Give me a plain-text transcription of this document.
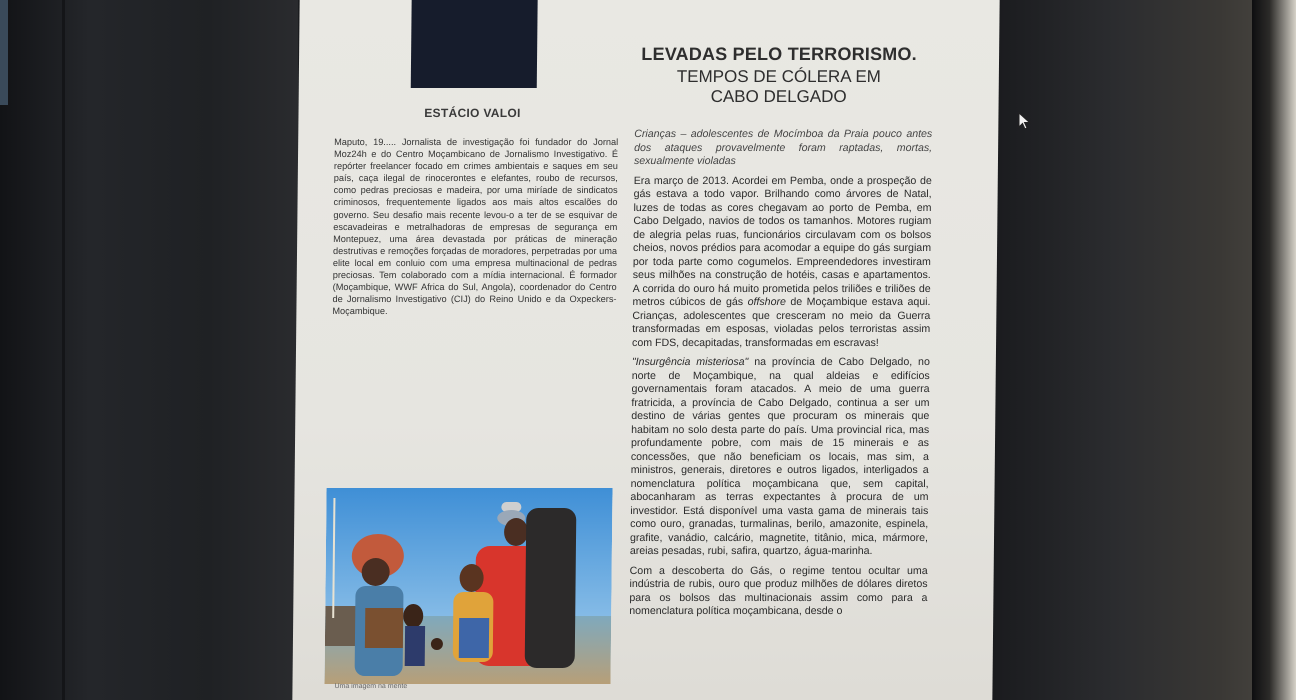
ESTÁCIO VALOI
LEVADAS PELO TERRORISMO.
TEMPOS DE CÓLERA EM
CABO DELGADO
Maputo, 19..... Jornalista de investigação foi fundador do Jornal Moz24h e do Centro Moçambicano de Jornalismo Investigativo. É repórter freelancer focado em crimes ambientais e saques em seu país, caça ilegal de rinocerontes e elefantes, roubo de recursos, como pedras preciosas e madeira, por uma miríade de sindicatos criminosos, frequentemente ligados aos mais altos escalões do governo. Seu desafio mais recente levou-o a ter de se esquivar de escavadeiras e metralhadoras de empresas de segurança em Montepuez, uma área devastada por práticas de mineração destrutivas e remoções forçadas de moradores, perpetradas por uma elite local em conluio com uma empresa multinacional de pedras preciosas. Tem colaborado com a mídia internacional. É formador (Moçambique, WWF Africa do Sul, Angola), coordenador do Centro de Jornalismo Investigativo (CIJ) do Reino Unido e da Oxpeckers-Moçambique.

Crianças – adolescentes de Mocímboa da Praia pouco antes dos ataques provavelmente foram raptadas, mortas, sexualmente violadas

Era março de 2013. Acordei em Pemba, onde a prospeção de gás estava a todo vapor. Brilhando como árvores de Natal, luzes de todas as cores chegavam ao porto de Pemba, em Cabo Delgado, navios de todos os tamanhos. Motores rugiam de alegria pelas ruas, funcionários circulavam com os bolsos cheios, novos prédios para acomodar a equipe do gás surgiam por toda parte como cogumelos. Empreendedores investiram seus milhões na construção de hotéis, casas e apartamentos. A corrida do ouro há muito prometida pelos triliões e triliões de metros cúbicos de gás offshore de Moçambique estava aqui. Crianças, adolescentes que cresceram no meio da Guerra transformadas em esposas, violadas pelos terroristas assim com FDS, decapitadas, transformadas em escravas!

"Insurgência misteriosa" na província de Cabo Delgado, no norte de Moçambique, na qual aldeias e edifícios governamentais foram atacados. A meio de uma guerra fratricida, a província de Cabo Delgado, continua a ser um destino de várias gentes que procuram os minerais que habitam no solo desta parte do país. Uma provincial rica, mas profundamente pobre, com mais de 15 minerais e as concessões, que não beneficiam os locais, mas sim, a ministros, generais, diretores e outros ligados, interligados a nomenclatura política moçambicana que, sem capital, abocanharam as terras expectantes à procura de um investidor. Está disponível uma vasta gama de minerais tais como ouro, granadas, turmalinas, berilo, amazonite, espinela, grafite, vanádio, calcário, magnetite, titânio, mica, mármore, areias pesadas, rubi, safira, quartzo, água-marinha.

Com a descoberta do Gás, o regime tentou ocultar uma indústria de rubis, ouro que produz milhões de dólares diretos para os bolsos das multinacionais assim como para a nomenclatura política moçambicana, desde o

Uma imagem na mente
